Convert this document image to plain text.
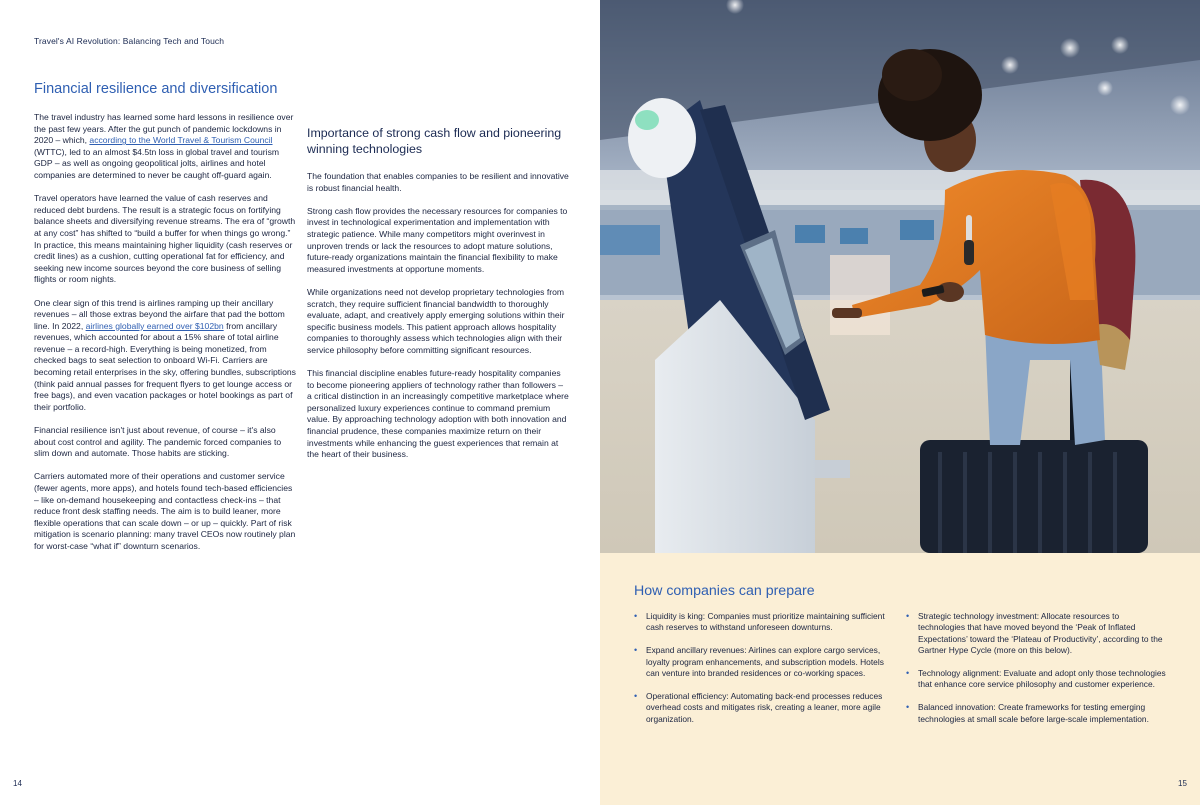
Travel's AI Revolution: Balancing Tech and Touch
Financial resilience and diversification

The travel industry has learned some hard lessons in resilience over the past few years. After the gut punch of pandemic lockdowns in 2020 – which, according to the World Travel & Tourism Council (WTTC), led to an almost $4.5tn loss in global travel and tourism GDP – as well as ongoing geopolitical jolts, airlines and hotel companies are determined to never be caught off-guard again.

Travel operators have learned the value of cash reserves and reduced debt burdens. The result is a strategic focus on fortifying balance sheets and diversifying revenue streams. The era of “growth at any cost” has shifted to “build a buffer for when things go wrong.” In practice, this means maintaining higher liquidity (cash reserves or credit lines) as a cushion, cutting operational fat for efficiency, and seeking new income sources beyond the core business of selling flights or room nights.

One clear sign of this trend is airlines ramping up their ancillary revenues – all those extras beyond the airfare that pad the bottom line. In 2022, airlines globally earned over $102bn from ancillary revenues, which accounted for about a 15% share of total airline revenue – a record-high. Everything is being monetized, from checked bags to seat selection to onboard Wi-Fi. Carriers are becoming retail enterprises in the sky, offering bundles, subscriptions (think paid annual passes for frequent flyers to get lounge access or free bags), and even vacation packages or hotel bookings as part of their portfolio.

Financial resilience isn't just about revenue, of course – it's also about cost control and agility. The pandemic forced companies to slim down and automate. Those habits are sticking.

Carriers automated more of their operations and customer service (fewer agents, more apps), and hotels found tech-based efficiencies – like on-demand housekeeping and contactless check-ins – that reduce front desk staffing needs. The aim is to build leaner, more flexible operations that can scale down – or up – quickly. Part of risk mitigation is scenario planning: many travel CEOs now routinely plan for worst-case “what if” downturn scenarios.

Importance of strong cash flow and pioneering winning technologies

The foundation that enables companies to be resilient and innovative is robust financial health.

Strong cash flow provides the necessary resources for companies to invest in technological experimentation and implementation with strategic patience. While many competitors might overinvest in unproven trends or lack the resources to adopt mature solutions, future-ready organizations maintain the financial flexibility to make measured investments at opportune moments.

While organizations need not develop proprietary technologies from scratch, they require sufficient financial bandwidth to thoroughly evaluate, adapt, and creatively apply emerging solutions within their specific business models. This patient approach allows hospitality companies to thoroughly assess which technologies align with their service philosophy before committing significant resources.

This financial discipline enables future-ready hospitality companies to become pioneering appliers of technology rather than followers – a critical distinction in an increasingly competitive marketplace where personalized luxury experiences continue to command premium value. By approaching technology adoption with both innovation and financial prudence, these companies maximize return on their investments while enhancing the guest experiences that remain at the heart of their business.

14
How companies can prepare
• Liquidity is king: Companies must prioritize maintaining sufficient cash reserves to withstand unforeseen downturns.
• Expand ancillary revenues: Airlines can explore cargo services, loyalty program enhancements, and subscription models. Hotels can venture into branded residences or co-working spaces.
• Operational efficiency: Automating back-end processes reduces overhead costs and mitigates risk, creating a leaner, more agile organization.
• Strategic technology investment: Allocate resources to technologies that have moved beyond the ‘Peak of Inflated Expectations’ toward the ‘Plateau of Productivity’, according to the Gartner Hype Cycle (more on this below).
• Technology alignment: Evaluate and adopt only those technologies that enhance core service philosophy and customer experience.
• Balanced innovation: Create frameworks for testing emerging technologies at small scale before large-scale implementation.
15
